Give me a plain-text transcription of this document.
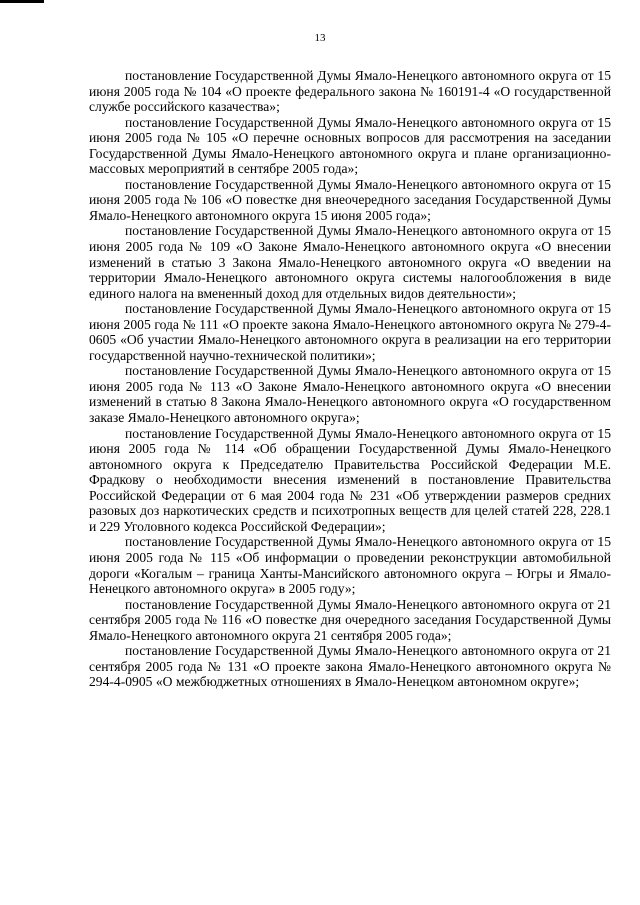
13

постановление Государственной Думы Ямало-Ненецкого автономного округа от 15 июня 2005 года № 104 «О проекте федерального закона № 160191-4 «О государственной службе российского казачества»;

постановление Государственной Думы Ямало-Ненецкого автономного округа от 15 июня 2005 года № 105 «О перечне основных вопросов для рассмотрения на заседании Государственной Думы Ямало-Ненецкого автономного округа и плане организационно-массовых мероприятий в сентябре 2005 года»;

постановление Государственной Думы Ямало-Ненецкого автономного округа от 15 июня 2005 года № 106 «О повестке дня внеочередного заседания Государственной Думы Ямало-Ненецкого автономного округа 15 июня 2005 года»;

постановление Государственной Думы Ямало-Ненецкого автономного округа от 15 июня 2005 года № 109 «О Законе Ямало-Ненецкого автономного округа «О внесении изменений в статью 3 Закона Ямало-Ненецкого автономного округа «О введении на территории Ямало-Ненецкого автономного округа системы налогообложения в виде единого налога на вмененный доход для отдельных видов деятельности»;

постановление Государственной Думы Ямало-Ненецкого автономного округа от 15 июня 2005 года № 111 «О проекте закона Ямало-Ненецкого автономного округа № 279-4-0605 «Об участии Ямало-Ненецкого автономного округа в реализации на его территории государственной научно-технической политики»;

постановление Государственной Думы Ямало-Ненецкого автономного округа от 15 июня 2005 года № 113 «О Законе Ямало-Ненецкого автономного округа «О внесении изменений в статью 8 Закона Ямало-Ненецкого автономного округа «О государственном заказе Ямало-Ненецкого автономного округа»;

постановление Государственной Думы Ямало-Ненецкого автономного округа от 15 июня 2005 года № 114 «Об обращении Государственной Думы Ямало-Ненецкого автономного округа к Председателю Правительства Российской Федерации М.Е. Фрадкову о необходимости внесения изменений в постановление Правительства Российской Федерации от 6 мая 2004 года № 231 «Об утверждении размеров средних разовых доз наркотических средств и психотропных веществ для целей статей 228, 228.1 и 229 Уголовного кодекса Российской Федерации»;

постановление Государственной Думы Ямало-Ненецкого автономного округа от 15 июня 2005 года № 115 «Об информации о проведении реконструкции автомобильной дороги «Когалым – граница Ханты-Мансийского автономного округа – Югры и Ямало-Ненецкого автономного округа» в 2005 году»;

постановление Государственной Думы Ямало-Ненецкого автономного округа от 21 сентября 2005 года № 116 «О повестке дня очередного заседания Государственной Думы Ямало-Ненецкого автономного округа 21 сентября 2005 года»;

постановление Государственной Думы Ямало-Ненецкого автономного округа от 21 сентября 2005 года № 131 «О проекте закона Ямало-Ненецкого автономного округа № 294-4-0905 «О межбюджетных отношениях в Ямало-Ненецком автономном округе»;
